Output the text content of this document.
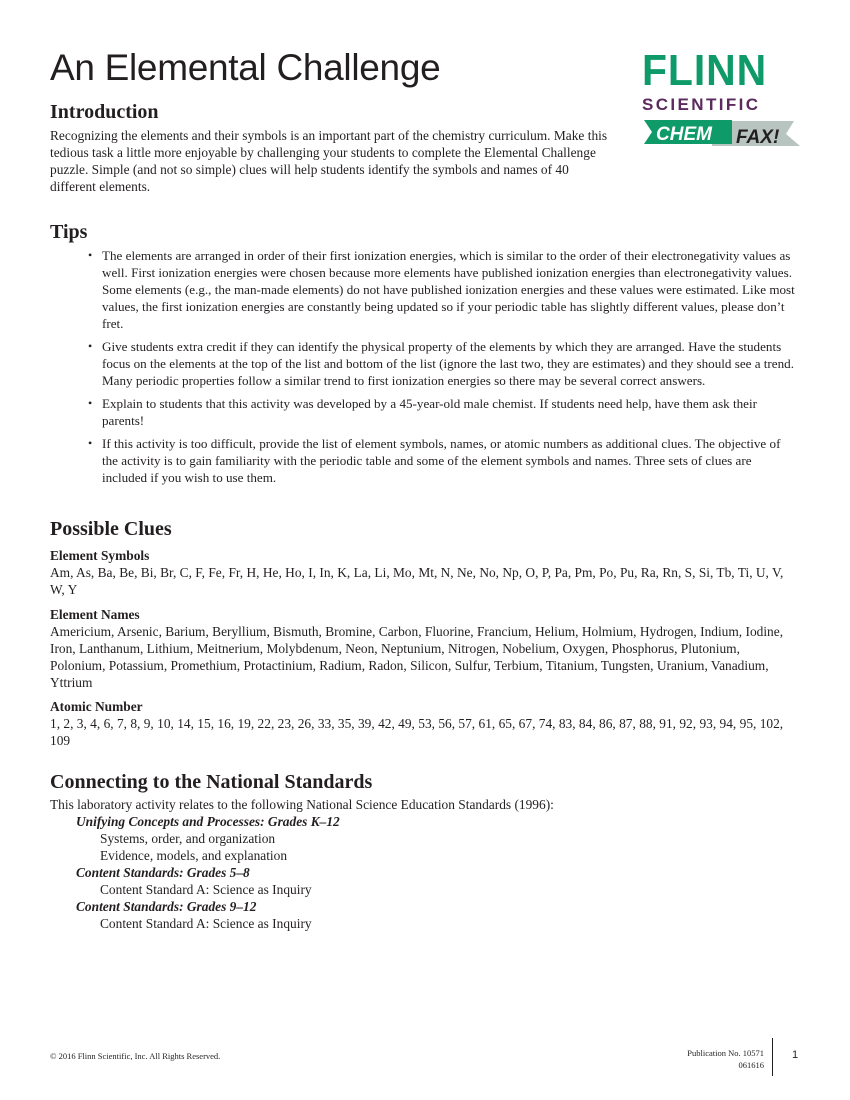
An Elemental Challenge	FLINN
SCIENTIFIC
CHEM FAX!
Introduction

Recognizing the elements and their symbols is an important part of the chemistry curriculum. Make this tedious task a little more enjoyable by challenging your students to complete the Elemental Challenge puzzle. Simple (and not so simple) clues will help students identify the symbols and names of 40 different elements.

Tips
• The elements are arranged in order of their first ionization energies, which is similar to the order of their electronegativity values as well. First ionization energies were chosen because more elements have published ionization energies than electronegativity values. Some elements (e.g., the man-made elements) do not have published ionization energies and these values were estimated. Like most values, the first ionization energies are constantly being updated so if your periodic table has slightly different values, please don’t fret.
• Give students extra credit if they can identify the physical property of the elements by which they are arranged. Have the students focus on the elements at the top of the list and bottom of the list (ignore the last two, they are estimates) and they should see a trend. Many periodic properties follow a similar trend to first ionization energies so there may be several correct answers.
• Explain to students that this activity was developed by a 45-year-old male chemist. If students need help, have them ask their parents!
• If this activity is too difficult, provide the list of element symbols, names, or atomic numbers as additional clues. The objective of the activity is to gain familiarity with the periodic table and some of the element symbols and names. Three sets of clues are included if you wish to use them.
Possible Clues
Element Symbols

Am, As, Ba, Be, Bi, Br, C, F, Fe, Fr, H, He, Ho, I, In, K, La, Li, Mo, Mt, N, Ne, No, Np, O, P, Pa, Pm, Po, Pu, Ra, Rn, S, Si, Tb, Ti, U, V, W, Y

Element Names

Americium, Arsenic, Barium, Beryllium, Bismuth, Bromine, Carbon, Fluorine, Francium, Helium, Holmium, Hydrogen, Indium, Iodine, Iron, Lanthanum, Lithium, Meitnerium, Molybdenum, Neon, Neptunium, Nitrogen, Nobelium, Oxygen, Phosphorus, Plutonium, Polonium, Potassium, Promethium, Protactinium, Radium, Radon, Silicon, Sulfur, Terbium, Titanium, Tungsten, Uranium, Vanadium, Yttrium

Atomic Number

1, 2, 3, 4, 6, 7, 8, 9, 10, 14, 15, 16, 19, 22, 23, 26, 33, 35, 39, 42, 49, 53, 56, 57, 61, 65, 67, 74, 83, 84, 86, 87, 88, 91, 92, 93, 94, 95, 102, 109

Connecting to the National Standards

This laboratory activity relates to the following National Science Education Standards (1996):

Unifying Concepts and Processes: Grades K–12
Systems, order, and organization
Evidence, models, and explanation
Content Standards: Grades 5–8
Content Standard A: Science as Inquiry
Content Standards: Grades 9–12
Content Standard A: Science as Inquiry
© 2016 Flinn Scientific, Inc. All Rights Reserved.	Publication No. 10571
061616
1
